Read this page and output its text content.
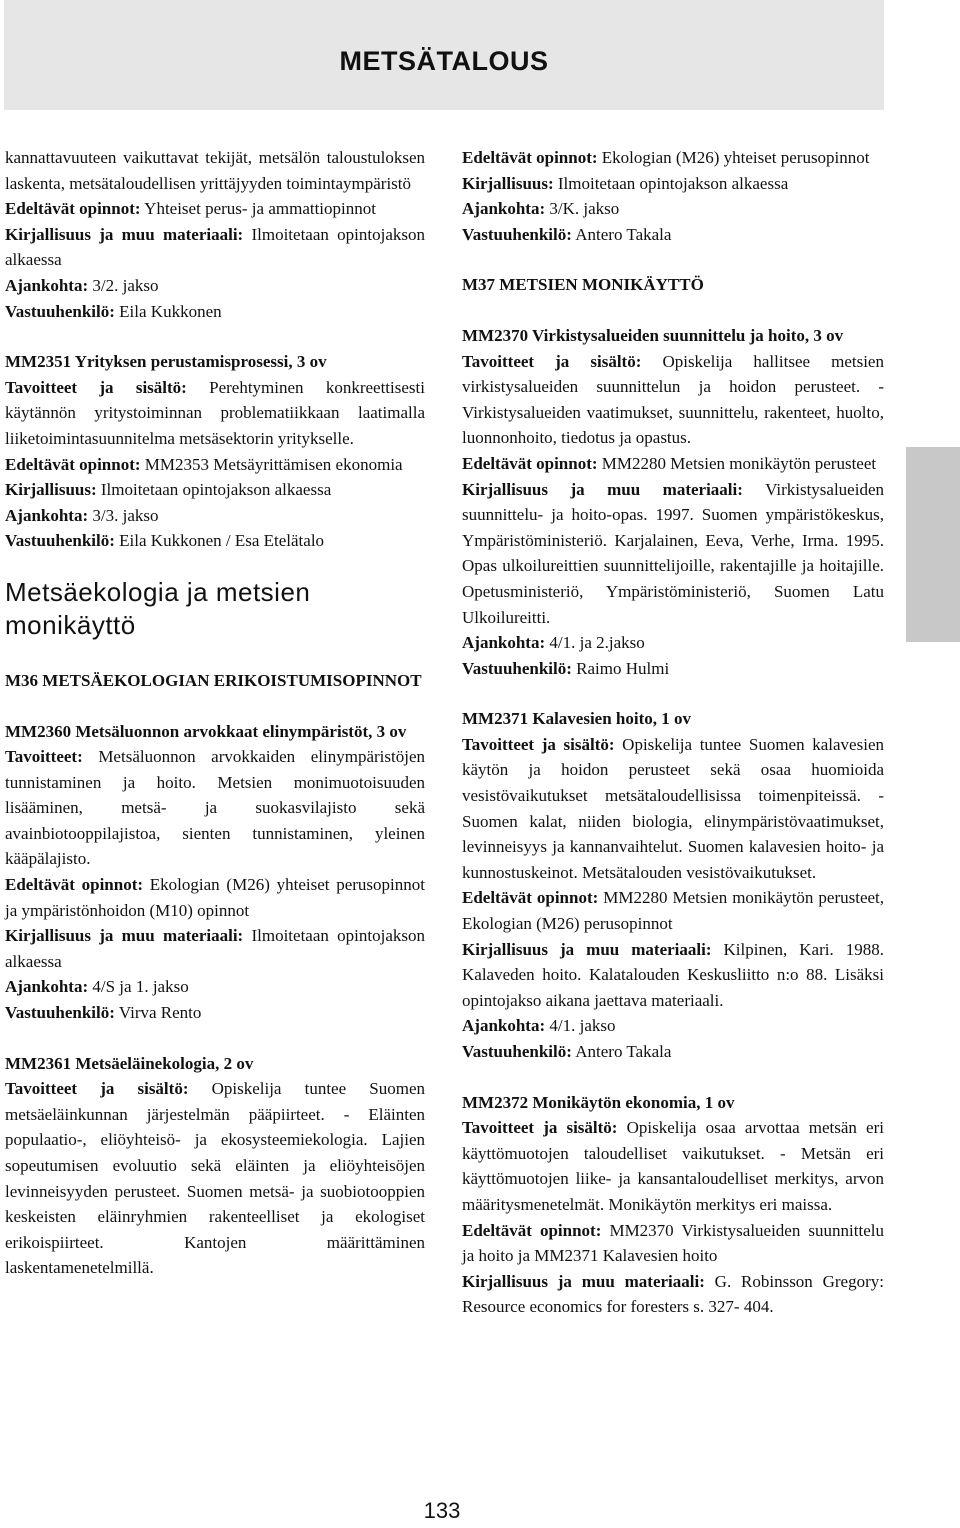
METSÄTALOUS

kannattavuuteen vaikuttavat tekijät, metsälön taloustuloksen laskenta, metsätaloudellisen yrittäjyyden toimintaympäristö

Edeltävät opinnot: Yhteiset perus- ja ammattiopinnot

Kirjallisuus ja muu materiaali: Ilmoitetaan opintojakson alkaessa

Ajankohta: 3/2. jakso

Vastuuhenkilö: Eila Kukkonen

MM2351 Yrityksen perustamisprosessi, 3 ov

Tavoitteet ja sisältö: Perehtyminen konkreettisesti käytännön yritystoiminnan problematiikkaan laatimalla liiketoimintasuunnitelma metsäsektorin yritykselle.

Edeltävät opinnot: MM2353 Metsäyrittämisen ekonomia

Kirjallisuus: Ilmoitetaan opintojakson alkaessa

Ajankohta: 3/3. jakso

Vastuuhenkilö: Eila Kukkonen / Esa Etelätalo

Metsäekologia ja metsien monikäyttö

M36 METSÄEKOLOGIAN ERIKOISTUMISOPINNOT

MM2360 Metsäluonnon arvokkaat elinympäristöt, 3 ov

Tavoitteet: Metsäluonnon arvokkaiden elinympäristöjen tunnistaminen ja hoito. Metsien monimuotoisuuden lisääminen, metsä- ja suokasvilajisto sekä avainbiotooppilajistoa, sienten tunnistaminen, yleinen kääpälajisto.

Edeltävät opinnot: Ekologian (M26) yhteiset perusopinnot ja ympäristönhoidon (M10) opinnot

Kirjallisuus ja muu materiaali: Ilmoitetaan opintojakson alkaessa

Ajankohta: 4/S ja 1. jakso

Vastuuhenkilö: Virva Rento

MM2361 Metsäeläinekologia, 2 ov

Tavoitteet ja sisältö: Opiskelija tuntee Suomen metsäeläinkunnan järjestelmän pääpiirteet. - Eläinten populaatio-, eliöyhteisö- ja ekosysteemiekologia. Lajien sopeutumisen evoluutio sekä eläinten ja eliöyhteisöjen levinneisyyden perusteet. Suomen metsä- ja suobiotooppien keskeisten eläinryhmien rakenteelliset ja ekologiset erikoispiirteet. Kantojen määrittäminen laskentamenetelmillä.

Edeltävät opinnot: Ekologian (M26) yhteiset perusopinnot

Kirjallisuus: Ilmoitetaan opintojakson alkaessa

Ajankohta: 3/K. jakso

Vastuuhenkilö: Antero Takala

M37 METSIEN MONIKÄYTTÖ

MM2370 Virkistysalueiden suunnittelu ja hoito, 3 ov

Tavoitteet ja sisältö: Opiskelija hallitsee metsien virkistysalueiden suunnittelun ja hoidon perusteet. - Virkistysalueiden vaatimukset, suunnittelu, rakenteet, huolto, luonnonhoito, tiedotus ja opastus.

Edeltävät opinnot: MM2280 Metsien monikäytön perusteet

Kirjallisuus ja muu materiaali: Virkistysalueiden suunnittelu- ja hoito-opas. 1997. Suomen ympäristökeskus, Ympäristöministeriö. Karjalainen, Eeva, Verhe, Irma. 1995. Opas ulkoilureittien suunnittelijoille, rakentajille ja hoitajille. Opetusministeriö, Ympäristöministeriö, Suomen Latu Ulkoilureitti.

Ajankohta: 4/1. ja 2.jakso

Vastuuhenkilö: Raimo Hulmi

MM2371 Kalavesien hoito, 1 ov

Tavoitteet ja sisältö: Opiskelija tuntee Suomen kalavesien käytön ja hoidon perusteet sekä osaa huomioida vesistövaikutukset metsätaloudellisissa toimenpiteissä. - Suomen kalat, niiden biologia, elinympäristövaatimukset, levinneisyys ja kannanvaihtelut. Suomen kalavesien hoito- ja kunnostuskeinot. Metsätalouden vesistövaikutukset.

Edeltävät opinnot: MM2280 Metsien monikäytön perusteet, Ekologian (M26) perusopinnot

Kirjallisuus ja muu materiaali: Kilpinen, Kari. 1988. Kalaveden hoito. Kalatalouden Keskusliitto n:o 88. Lisäksi opintojakso aikana jaettava materiaali.

Ajankohta: 4/1. jakso

Vastuuhenkilö: Antero Takala

MM2372 Monikäytön ekonomia, 1 ov

Tavoitteet ja sisältö: Opiskelija osaa arvottaa metsän eri käyttömuotojen taloudelliset vaikutukset. - Metsän eri käyttömuotojen liike- ja kansantaloudelliset merkitys, arvon määritysmenetelmät. Monikäytön merkitys eri maissa.

Edeltävät opinnot: MM2370 Virkistysalueiden suunnittelu ja hoito ja MM2371 Kalavesien hoito

Kirjallisuus ja muu materiaali: G. Robinsson Gregory: Resource economics for foresters s. 327- 404.

133
